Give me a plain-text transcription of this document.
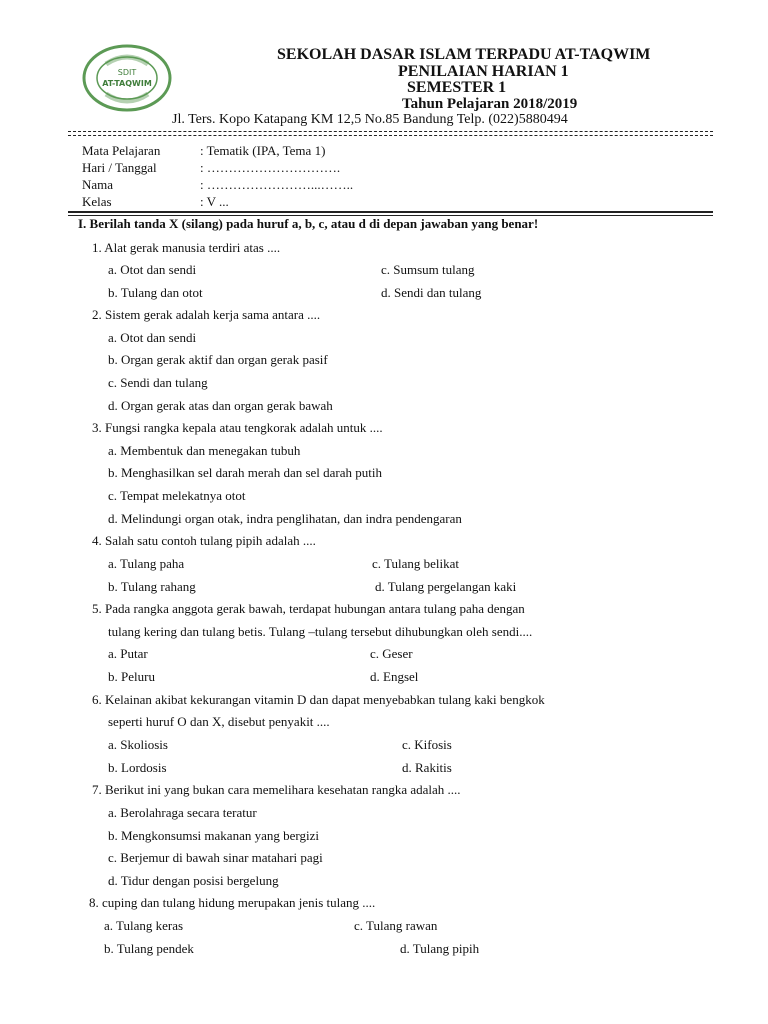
SDIT
AT-TAQWIM
SEKOLAH DASAR ISLAM TERPADU AT-TAQWIM
PENILAIAN HARIAN 1
SEMESTER 1
Tahun Pelajaran 2018/2019
Jl. Ters. Kopo Katapang KM 12,5 No.85 Bandung Telp. (022)5880494
Mata Pelajaran	: Tematik (IPA, Tema 1)
Hari / Tanggal	: ………………………….
Nama	: ……………………...……..
Kelas	: V ...
I. Berilah tanda X (silang) pada huruf a, b, c, atau d di depan jawaban yang benar!
1. Alat gerak manusia terdiri atas ....
a. Otot dan sendi	c. Sumsum tulang
b. Tulang dan otot	d. Sendi dan tulang
2. Sistem gerak adalah kerja sama antara ....
a. Otot dan sendi
b. Organ gerak aktif dan organ gerak pasif
c. Sendi dan tulang
d. Organ gerak atas dan organ gerak bawah
3. Fungsi rangka kepala atau tengkorak adalah untuk ....
a. Membentuk dan menegakan tubuh
b. Menghasilkan sel darah merah dan sel darah putih
c. Tempat melekatnya otot
d. Melindungi organ otak, indra penglihatan, dan indra pendengaran
4. Salah satu contoh tulang pipih adalah ....
a. Tulang paha	c. Tulang belikat
b. Tulang rahang	d. Tulang pergelangan kaki
5. Pada rangka anggota gerak bawah, terdapat hubungan antara tulang paha dengan
tulang kering dan tulang betis. Tulang –tulang tersebut dihubungkan oleh sendi....
a. Putar	c. Geser
b. Peluru	d. Engsel
6. Kelainan akibat kekurangan vitamin D dan dapat menyebabkan tulang kaki bengkok
seperti huruf O dan X, disebut penyakit ....
a. Skoliosis	c. Kifosis
b. Lordosis	d. Rakitis
7. Berikut ini yang bukan cara memelihara kesehatan rangka adalah ....
a. Berolahraga secara teratur
b. Mengkonsumsi makanan yang bergizi
c. Berjemur di bawah sinar matahari pagi
d. Tidur dengan posisi bergelung
8. cuping dan tulang hidung merupakan jenis tulang ....
a. Tulang keras	c. Tulang rawan
b. Tulang pendek	d. Tulang pipih
